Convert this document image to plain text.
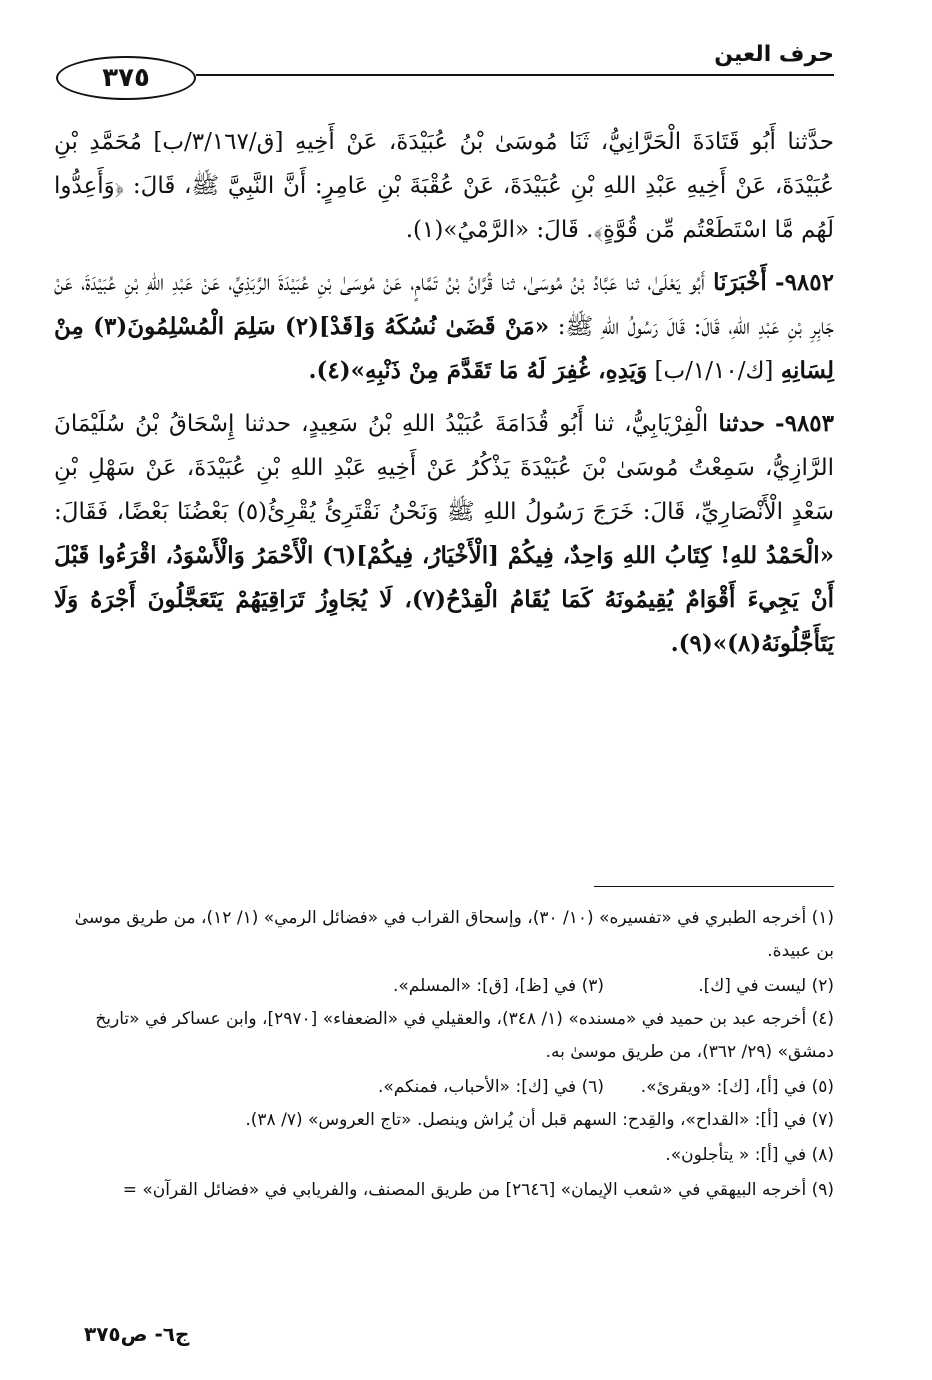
حرف العين
٣٧٥

حدَّثنا أَبُو قَتَادَةَ الْحَرَّانِيُّ، ثَنَا مُوسَىٰ بْنُ عُبَيْدَةَ، عَنْ أَخِيهِ [ق/٣/١٦٧/ب] مُحَمَّدِ بْنِ عُبَيْدَةَ، عَنْ أَخِيهِ عَبْدِ اللهِ بْنِ عُبَيْدَةَ، عَنْ عُقْبَةَ بْنِ عَامِرٍ: أَنَّ النَّبِيَّ ﷺ، قَالَ: ﴿وَأَعِدُّوا لَهُم مَّا اسْتَطَعْتُم مِّن قُوَّةٍ﴾. قَالَ: «الرَّمْيُ»(١).

٩٨٥٢- أَخْبَرَنَا أَبُو يَعْلَىٰ، ثنا عَبَّادُ بْنُ مُوسَىٰ، ثنا قُرَّانُ بْنُ تَمَّامٍ، عَنْ مُوسَىٰ بْنِ عُبَيْدَةَ الرَّبَذِيِّ، عَنْ عَبْدِ اللهِ بْنِ عُبَيْدَةَ، عَنْ جَابِرِ بْنِ عَبْدِ اللهِ، قَالَ: قَالَ رَسُولُ اللهِ ﷺ: «مَنْ قَضَىٰ نُسُكَهُ وَ[قَدْ](٢) سَلِمَ الْمُسْلِمُونَ(٣) مِنْ لِسَانِهِ [ك/١/١٠/ب] وَيَدِهِ، غُفِرَ لَهُ مَا تَقَدَّمَ مِنْ ذَنْبِهِ»(٤).

٩٨٥٣- حدثنا الْفِرْيَابِيُّ، ثنا أَبُو قُدَامَةَ عُبَيْدُ اللهِ بْنُ سَعِيدٍ، حدثنا إِسْحَاقُ بْنُ سُلَيْمَانَ الرَّازِيُّ، سَمِعْتُ مُوسَىٰ بْنَ عُبَيْدَةَ يَذْكُرُ عَنْ أَخِيهِ عَبْدِ اللهِ بْنِ عُبَيْدَةَ، عَنْ سَهْلِ بْنِ سَعْدٍ الْأَنْصَارِيِّ، قَالَ: خَرَجَ رَسُولُ اللهِ ﷺ وَنَحْنُ نَقْتَرِئُ يُقْرِئُ(٥) بَعْضُنَا بَعْضًا، فَقَالَ: «الْحَمْدُ للهِ! كِتَابُ اللهِ وَاحِدٌ، فِيكُمْ [الْأَخْيَارُ، فِيكُمْ](٦) الْأَحْمَرُ وَالْأَسْوَدُ، اقْرَءُوا قَبْلَ أَنْ يَجِيءَ أَقْوَامٌ يُقِيمُونَهُ كَمَا يُقَامُ الْقِدْحُ(٧)، لَا يُجَاوِزُ تَرَاقِيَهُمْ يَتَعَجَّلُونَ أَجْرَهُ وَلَا يَتَأَجَّلُونَهُ(٨)»(٩).

(١) أخرجه الطبري في «تفسيره» (١٠/ ٣٠)، وإسحاق القراب في «فضائل الرمي» (١/ ١٢)، من طريق موسىٰ بن عبيدة.

(٢) ليست في [ك].
(٣) في [ظ]، [ق]: «المسلم».

(٤) أخرجه عبد بن حميد في «مسنده» (١/ ٣٤٨)، والعقيلي في «الضعفاء» [٢٩٧٠]، وابن عساكر في «تاريخ دمشق» (٢٩/ ٣٦٢)، من طريق موسىٰ به.

(٥) في [أ]، [ك]: «ويقرئ».
(٦) في [ك]: «الأحباب، فمنكم».

(٧) في [أ]: «القداح»، والقِدح: السهم قبل أن يُراش وينصل. «تاج العروس» (٧/ ٣٨).

(٨) في [أ]: « يتأجلون».

(٩) أخرجه البيهقي في «شعب الإيمان» [٢٦٤٦] من طريق المصنف، والفريابي في «فضائل القرآن» =

ج٦- ص٣٧٥
